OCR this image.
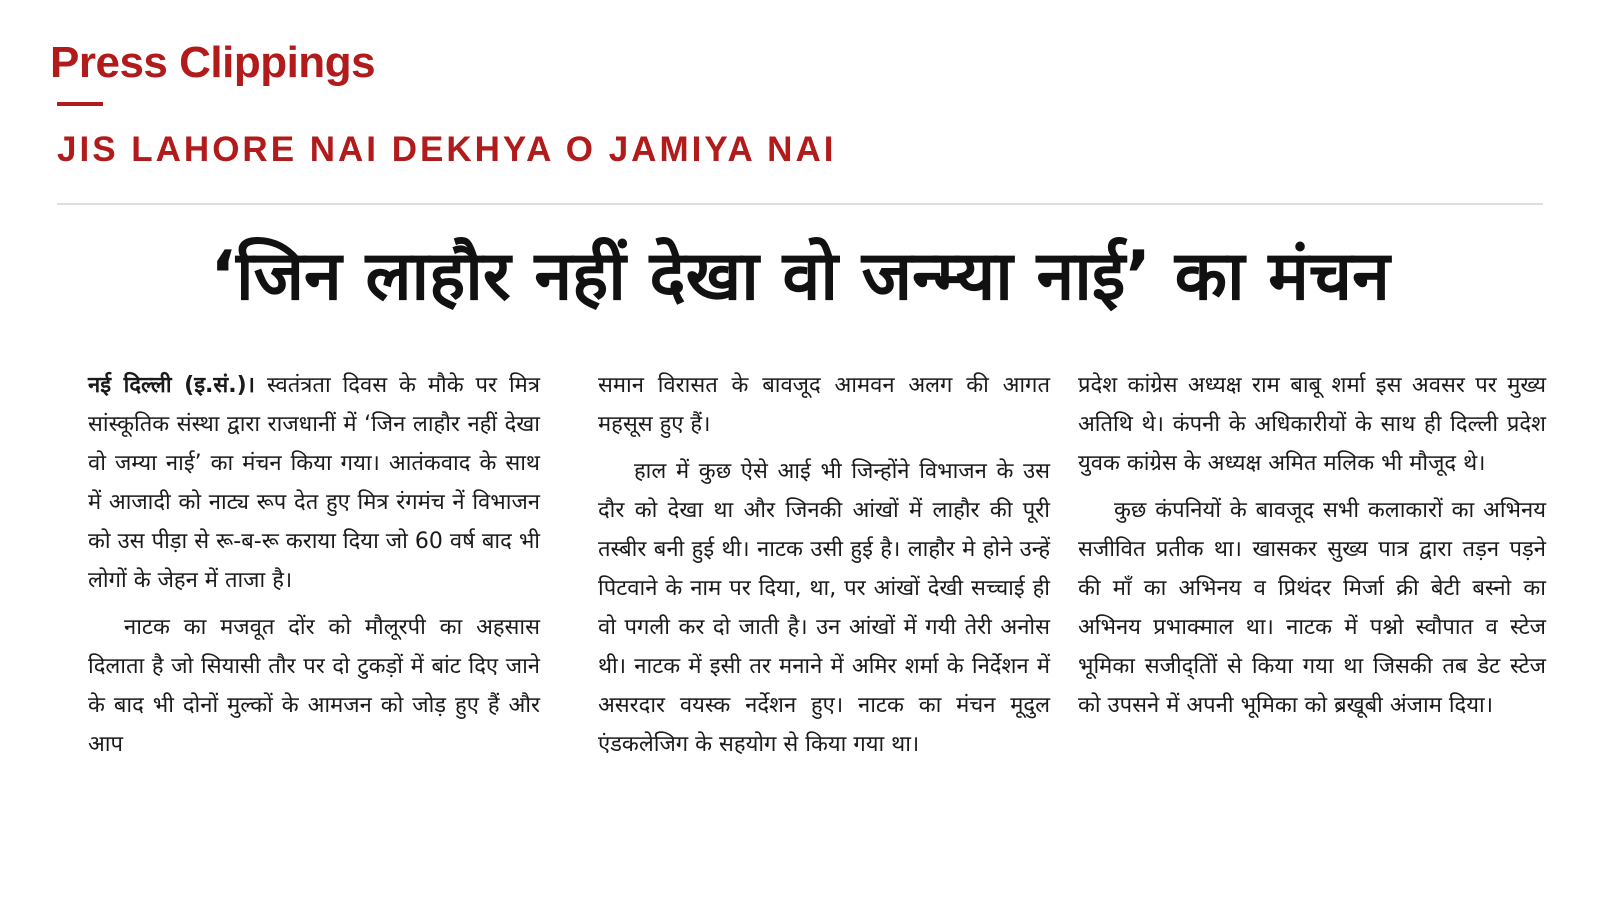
Press Clippings
JIS LAHORE NAI DEKHYA O JAMIYA NAI
‘जिन लाहौर नहीं देखा वो जन्म्या नाई’ का मंचन

नई दिल्ली (इ.सं.)। स्वतंत्रता दिवस के मौके पर मित्र सांस्कूतिक संस्था द्वारा राजधानीं में ‘जिन लाहौर नहीं देखा वो जम्या नाई’ का मंचन किया गया। आतंकवाद के साथ में आजादी को नाट्य रूप देत हुए मित्र रंगमंच नें विभाजन को उस पीड़ा से रू-ब-रू कराया दिया जो 60 वर्ष बाद भी लोगों के जेहन में ताजा है।

नाटक का मजवूत दोंर को मौलूरपी का अहसास दिलाता है जो सियासी तौर पर दो टुकड़ों में बांट दिए जाने के बाद भी दोनों मुल्कों के आमजन को जोड़ हुए हैं और आप

समान विरासत के बावजूद आमवन अलग की आगत महसूस हुए हैं।

हाल में कुछ ऐसे आई भी जिन्होंने विभाजन के उस दौर को देखा था और जिनकी आंखों में लाहौर की पूरी तस्बीर बनी हुई थी। नाटक उसी हुई है। लाहौर मे होने उन्हें पिटवाने के नाम पर दिया, था, पर आंखों देखी सच्चाई ही वो पगली कर दो जाती है। उन आंखों में गयी तेरी अनोस थी। नाटक में इसी तर मनाने में अमिर शर्मा के निर्देशन में असरदार वयस्क नर्देशन हुए। नाटक का मंचन मूदुल एंडकलेजिग के सहयोग से किया गया था।

प्रदेश कांग्रेस अध्यक्ष राम बाबू शर्मा इस अवसर पर मुख्य अतिथि थे। कंपनी के अधिकारीयों के साथ ही दिल्ली प्रदेश युवक कांग्रेस के अध्यक्ष अमित मलिक भी मौजूद थे।

कुछ कंपनियों के बावजूद सभी कलाकारों का अभिनय सजीवित प्रतीक था। खासकर सुख्य पात्र द्वारा तड़न पड़ने की माँ का अभिनय व प्रिथंदर मिर्जा क्री बेटी बस्नो का अभिनय प्रभाक्माल था। नाटक में पश्नो स्वौपात व स्टेज भूमिका सजीद्तिों से किया गया था जिसकी तब डेट स्टेज को उपसने में अपनी भूमिका को ब्रखूबी अंजाम दिया।
